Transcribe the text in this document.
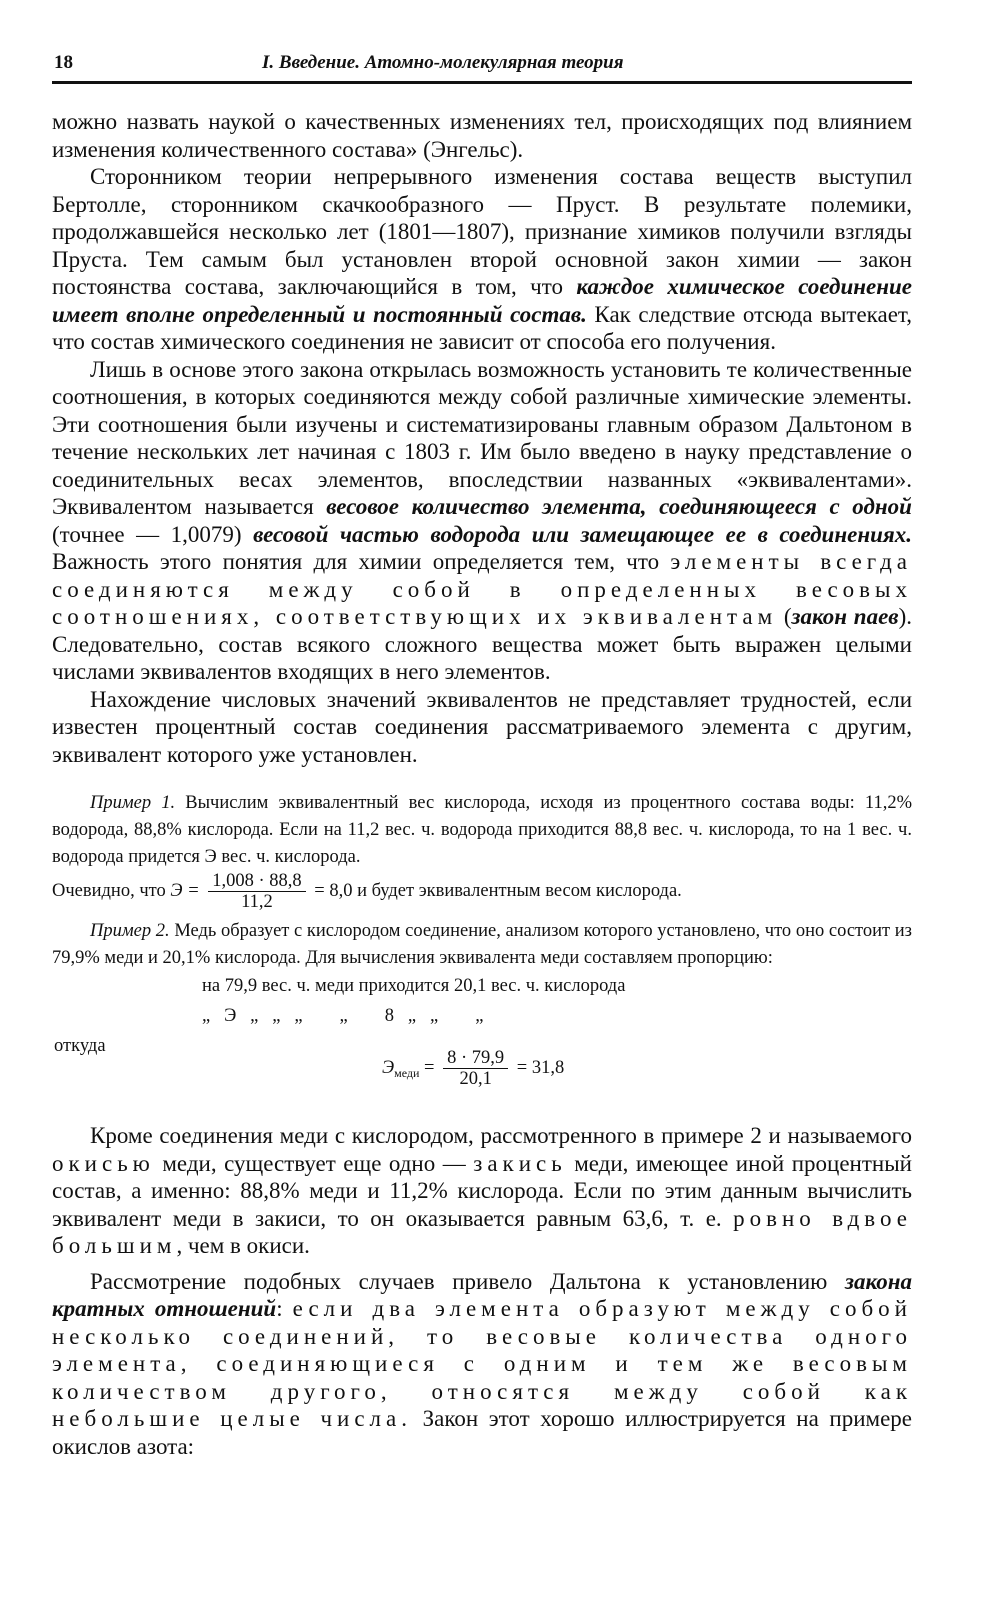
18	I. Введение. Атомно-молекулярная теория

можно назвать наукой о качественных изменениях тел, происходящих под влиянием изменения количественного состава» (Энгельс).

Сторонником теории непрерывного изменения состава веществ выступил Бертолле, сторонником скачкообразного — Пруст. В результате полемики, продолжавшейся несколько лет (1801—1807), признание химиков получили взгляды Пруста. Тем самым был установлен второй основной закон химии — закон постоянства состава, заключающийся в том, что каждое химическое соединение имеет вполне определенный и постоянный состав. Как следствие отсюда вытекает, что состав химического соединения не зависит от способа его получения.

Лишь в основе этого закона открылась возможность установить те количественные соотношения, в которых соединяются между собой различные химические элементы. Эти соотношения были изучены и систематизированы главным образом Дальтоном в течение нескольких лет начиная с 1803 г. Им было введено в науку представление о соединительных весах элементов, впоследствии названных «эквивалентами». Эквивалентом называется весовое количество элемента, соединяющееся с одной (точнее — 1,0079) весовой частью водорода или замещающее ее в соединениях. Важность этого понятия для химии определяется тем, что элементы всегда соединяются между собой в определенных весовых соотношениях, соответствующих их эквивалентам (закон паев). Следовательно, состав всякого сложного вещества может быть выражен целыми числами эквивалентов входящих в него элементов.

Нахождение числовых значений эквивалентов не представляет трудностей, если известен процентный состав соединения рассматриваемого элемента с другим, эквивалент которого уже установлен.

Пример 1. Вычислим эквивалентный вес кислорода, исходя из процентного состава воды: 11,2% водорода, 88,8% кислорода. Если на 11,2 вес. ч. водорода приходится 88,8 вес. ч. кислорода, то на 1 вес. ч. водорода придется Э вес. ч. кислорода.

Очевидно, что $Э = \frac{1,008 \cdot 88,8}{11,2} = 8,0$ и будет эквивалентным весом кислорода.

Пример 2. Медь образует с кислородом соединение, анализом которого установлено, что оно состоит из 79,9% меди и 20,1% кислорода. Для вычисления эквивалента меди составляем пропорцию:

на 79,9 вес. ч. меди приходится 20,1 вес. ч. кислорода
„   Э   „   „   „        „        8   „   „        „
откуда
$Э_{меди} = \frac{8 \cdot 79,9}{20,1} = 31,8$

Кроме соединения меди с кислородом, рассмотренного в примере 2 и называемого окисью меди, существует еще одно — закись меди, имеющее иной процентный состав, а именно: 88,8% меди и 11,2% кислорода. Если по этим данным вычислить эквивалент меди в закиси, то он оказывается равным 63,6, т. е. ровно вдвое большим, чем в окиси.

Рассмотрение подобных случаев привело Дальтона к установлению закона кратных отношений: если два элемента образуют между собой несколько соединений, то весовые количества одного элемента, соединяющиеся с одним и тем же весовым количеством другого, относятся между собой как небольшие целые числа. Закон этот хорошо иллюстрируется на примере окислов азота:
